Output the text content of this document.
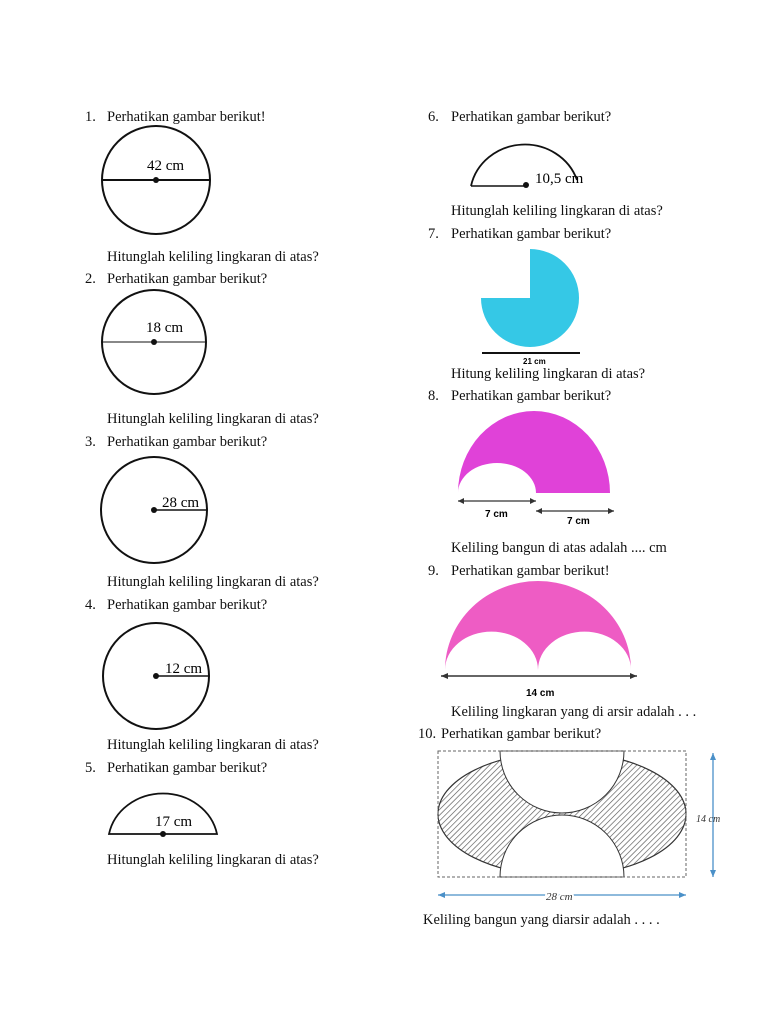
1. Perhatikan gambar berikut!
42 cm
Hitunglah keliling lingkaran di atas?
2. Perhatikan gambar berikut?
18 cm
Hitunglah keliling lingkaran di atas?
3. Perhatikan gambar berikut?
28 cm
Hitunglah keliling lingkaran di atas?
4. Perhatikan gambar berikut?
12 cm
Hitunglah keliling lingkaran di atas?
5. Perhatikan gambar berikut?
17 cm
Hitunglah keliling lingkaran di atas?
6. Perhatikan gambar berikut?
10,5 cm
Hitunglah keliling lingkaran di atas?
7. Perhatikan gambar berikut?
21 cm
Hitung keliling lingkaran di atas?
8. Perhatikan gambar berikut?
7 cm
7 cm
Keliling bangun di atas adalah .... cm
9. Perhatikan gambar berikut!
14 cm
Keliling lingkaran yang di arsir adalah . . .
10. Perhatikan gambar berikut?
14 cm
28 cm
Keliling bangun yang diarsir adalah . . . .
